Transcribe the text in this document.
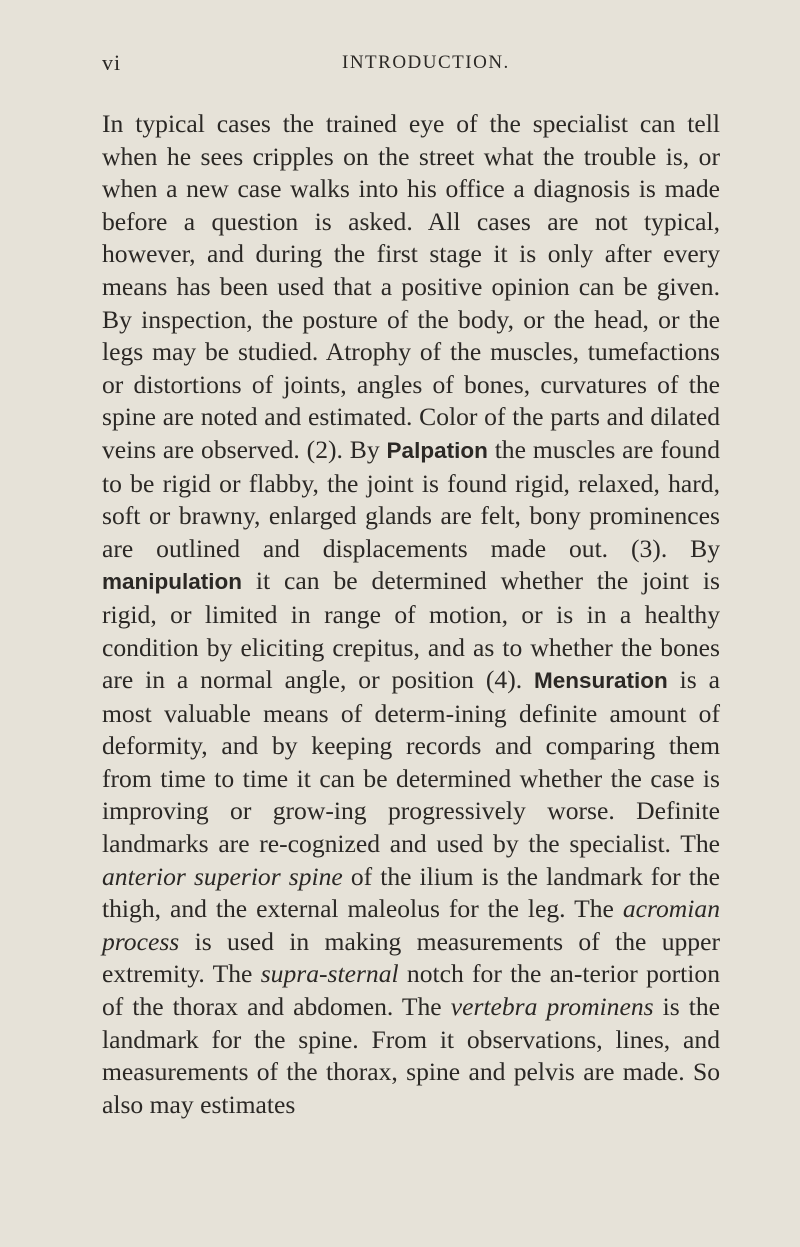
vi	INTRODUCTION.

In typical cases the trained eye of the specialist can tell when he sees cripples on the street what the trouble is, or when a new case walks into his office a diagnosis is made before a question is asked. All cases are not typical, however, and during the first stage it is only after every means has been used that a positive opinion can be given. By inspection, the posture of the body, or the head, or the legs may be studied. Atrophy of the muscles, tumefactions or distortions of joints, angles of bones, curvatures of the spine are noted and estimated. Color of the parts and dilated veins are observed. (2). By Palpation the muscles are found to be rigid or flabby, the joint is found rigid, relaxed, hard, soft or brawny, enlarged glands are felt, bony prominences are outlined and displacements made out. (3). By manipulation it can be determined whether the joint is rigid, or limited in range of motion, or is in a healthy condition by eliciting crepitus, and as to whether the bones are in a normal angle, or position (4). Mensuration is a most valuable means of determ-ining definite amount of deformity, and by keeping records and comparing them from time to time it can be determined whether the case is improving or grow-ing progressively worse. Definite landmarks are re-cognized and used by the specialist. The anterior superior spine of the ilium is the landmark for the thigh, and the external maleolus for the leg. The acromian process is used in making measurements of the upper extremity. The supra-sternal notch for the an-terior portion of the thorax and abdomen. The vertebra prominens is the landmark for the spine. From it observations, lines, and measurements of the thorax, spine and pelvis are made. So also may estimates
